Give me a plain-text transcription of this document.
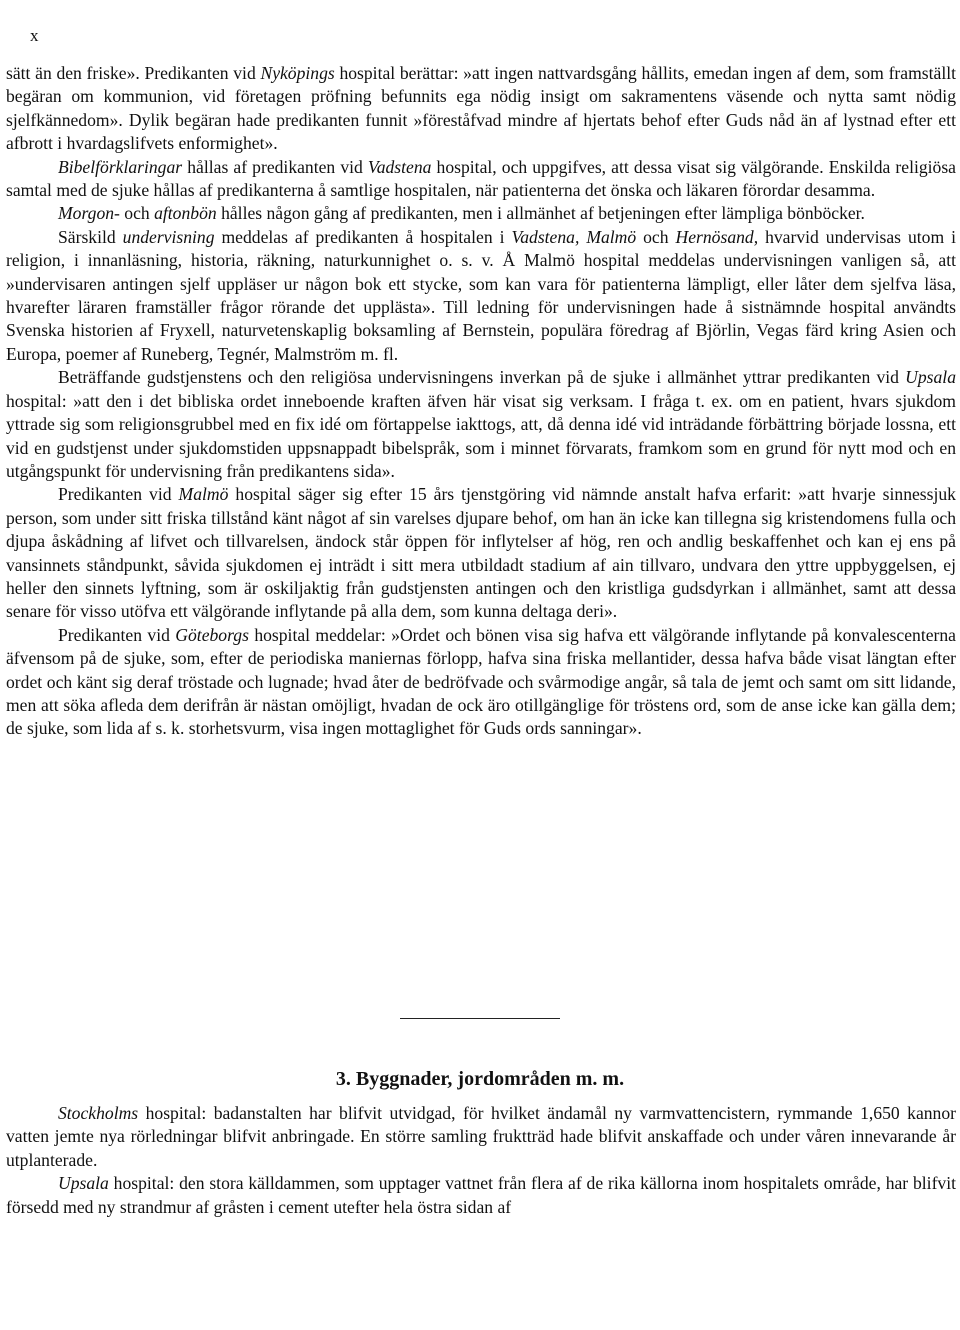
x

sätt än den friske». Predikanten vid Nyköpings hospital berättar: »att ingen nattvardsgång hållits, emedan ingen af dem, som framställt begäran om kommunion, vid företagen pröfning befunnits ega nödig insigt om sakramentens väsende och nytta samt nödig sjelfkännedom». Dylik begäran hade predikanten funnit »föreståfvad mindre af hjertats behof efter Guds nåd än af lystnad efter ett afbrott i hvardagslifvets enformighet».

Bibelförklaringar hållas af predikanten vid Vadstena hospital, och uppgifves, att dessa visat sig välgörande. Enskilda religiösa samtal med de sjuke hållas af predikanterna å samtlige hospitalen, när patienterna det önska och läkaren förordar desamma.

Morgon- och aftonbön hålles någon gång af predikanten, men i allmänhet af betjeningen efter lämpliga bönböcker.

Särskild undervisning meddelas af predikanten å hospitalen i Vadstena, Malmö och Hernösand, hvarvid undervisas utom i religion, i innanläsning, historia, räkning, naturkunnighet o. s. v. Å Malmö hospital meddelas undervisningen vanligen så, att »undervisaren antingen sjelf uppläser ur någon bok ett stycke, som kan vara för patienterna lämpligt, eller låter dem sjelfva läsa, hvarefter läraren framställer frågor rörande det upplästa». Till ledning för undervisningen hade å sistnämnde hospital användts Svenska historien af Fryxell, naturvetenskaplig boksamling af Bernstein, populära föredrag af Björlin, Vegas färd kring Asien och Europa, poemer af Runeberg, Tegnér, Malmström m. fl.

Beträffande gudstjenstens och den religiösa undervisningens inverkan på de sjuke i allmänhet yttrar predikanten vid Upsala hospital: »att den i det bibliska ordet inneboende kraften äfven här visat sig verksam. I fråga t. ex. om en patient, hvars sjukdom yttrade sig som religionsgrubbel med en fix idé om förtappelse iakttogs, att, då denna idé vid inträdande förbättring började lossna, ett vid en gudstjenst under sjukdomstiden uppsnappadt bibelspråk, som i minnet förvarats, framkom som en grund för nytt mod och en utgångspunkt för undervisning från predikantens sida».

Predikanten vid Malmö hospital säger sig efter 15 års tjenstgöring vid nämnde anstalt hafva erfarit: »att hvarje sinnessjuk person, som under sitt friska tillstånd känt något af sin varelses djupare behof, om han än icke kan tillegna sig kristendomens fulla och djupa åskådning af lifvet och tillvarelsen, ändock står öppen för inflytelser af hög, ren och andlig beskaffenhet och kan ej ens på vansinnets ståndpunkt, såvida sjukdomen ej inträdt i sitt mera utbildadt stadium af ain tillvaro, undvara den yttre uppbyggelsen, ej heller den sinnets lyftning, som är oskiljaktig från gudstjensten antingen och den kristliga gudsdyrkan i allmänhet, samt att dessa senare för visso utöfva ett välgörande inflytande på alla dem, som kunna deltaga deri».

Predikanten vid Göteborgs hospital meddelar: »Ordet och bönen visa sig hafva ett välgörande inflytande på konvalescenterna äfvensom på de sjuke, som, efter de periodiska maniernas förlopp, hafva sina friska mellantider, dessa hafva både visat längtan efter ordet och känt sig deraf tröstade och lugnade; hvad åter de bedröfvade och svårmodige angår, så tala de jemt och samt om sitt lidande, men att söka afleda dem derifrån är nästan omöjligt, hvadan de ock äro otillgänglige för tröstens ord, som de anse icke kan gälla dem; de sjuke, som lida af s. k. storhetsvurm, visa ingen mottaglighet för Guds ords sanningar».

3. Byggnader, jordområden m. m.

Stockholms hospital: badanstalten har blifvit utvidgad, för hvilket ändamål ny varmvattencistern, rymmande 1,650 kannor vatten jemte nya rörledningar blifvit anbringade. En större samling fruktträd hade blifvit anskaffade och under våren innevarande år utplanterade.

Upsala hospital: den stora källdammen, som upptager vattnet från flera af de rika källorna inom hospitalets område, har blifvit försedd med ny strandmur af gråsten i cement utefter hela östra sidan af
